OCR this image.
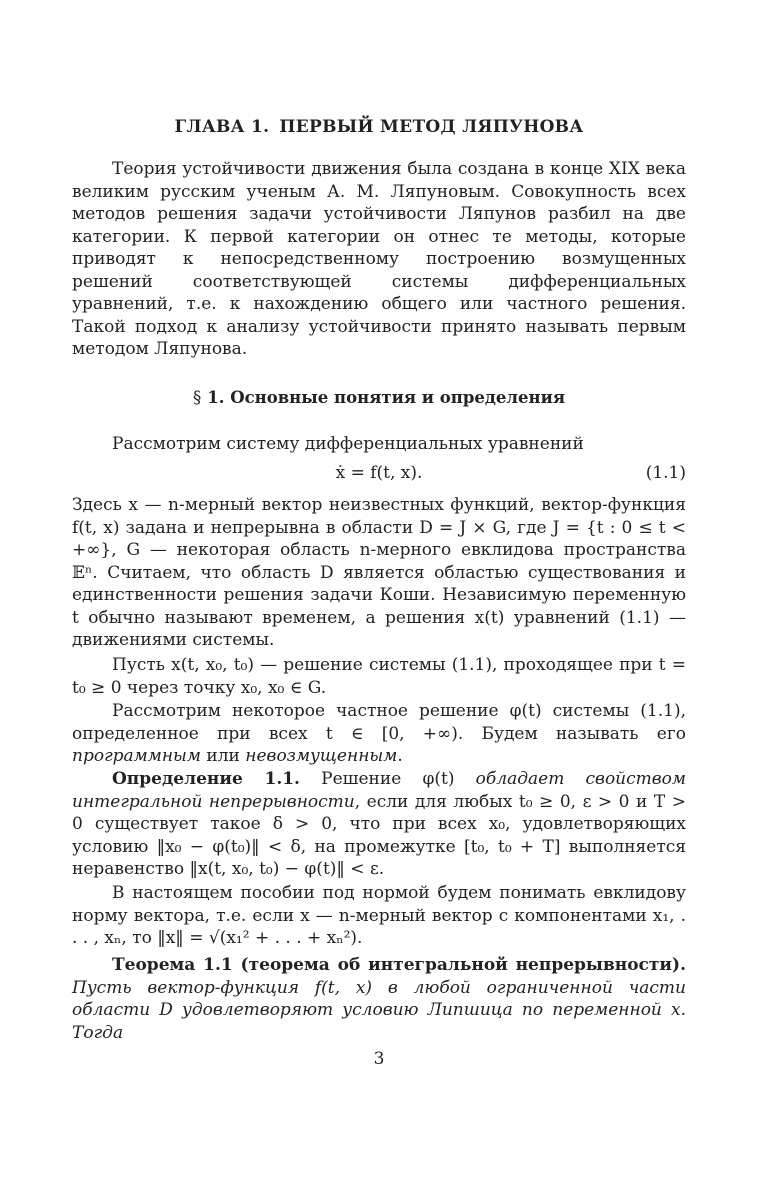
ГЛАВА 1. ПЕРВЫЙ МЕТОД ЛЯПУНОВА

Теория устойчивости движения была создана в конце XIX века великим русским ученым А. М. Ляпуновым. Совокупность всех методов решения задачи устойчивости Ляпунов разбил на две категории. К первой категории он отнес те методы, которые приводят к непосредственному построению возмущенных решений соответствующей системы дифференциальных уравнений, т.е. к нахождению общего или частного решения. Такой подход к анализу устойчивости принято называть первым методом Ляпунова.

§ 1. Основные понятия и определения

Рассмотрим систему дифференциальных уравнений

ẋ = f(t, x).	(1.1)

Здесь x — n-мерный вектор неизвестных функций, вектор-функция f(t, x) задана и непрерывна в области D = J × G, где J = {t : 0 ≤ t < +∞}, G — некоторая область n-мерного евклидова пространства 𝔼ⁿ. Считаем, что область D является областью существования и единственности решения задачи Коши. Независимую переменную t обычно называют временем, а решения x(t) уравнений (1.1) — движениями системы.

Пусть x(t, x₀, t₀) — решение системы (1.1), проходящее при t = t₀ ≥ 0 через точку x₀, x₀ ∈ G.

Рассмотрим некоторое частное решение φ(t) системы (1.1), определенное при всех t ∈ [0, +∞). Будем называть его программным или невозмущенным.

Определение 1.1. Решение φ(t) обладает свойством интегральной непрерывности, если для любых t₀ ≥ 0, ε > 0 и T > 0 существует такое δ > 0, что при всех x₀, удовлетворяющих условию ‖x₀ − φ(t₀)‖ < δ, на промежутке [t₀, t₀ + T] выполняется неравенство ‖x(t, x₀, t₀) − φ(t)‖ < ε.

В настоящем пособии под нормой будем понимать евклидову норму вектора, т.е. если x — n-мерный вектор с компонентами x₁, . . . , xₙ, то ‖x‖ = √(x₁² + . . . + xₙ²).

Теорема 1.1 (теорема об интегральной непрерывности). Пусть вектор-функция f(t, x) в любой ограниченной части области D удовлетворяют условию Липшица по переменной x. Тогда

3
